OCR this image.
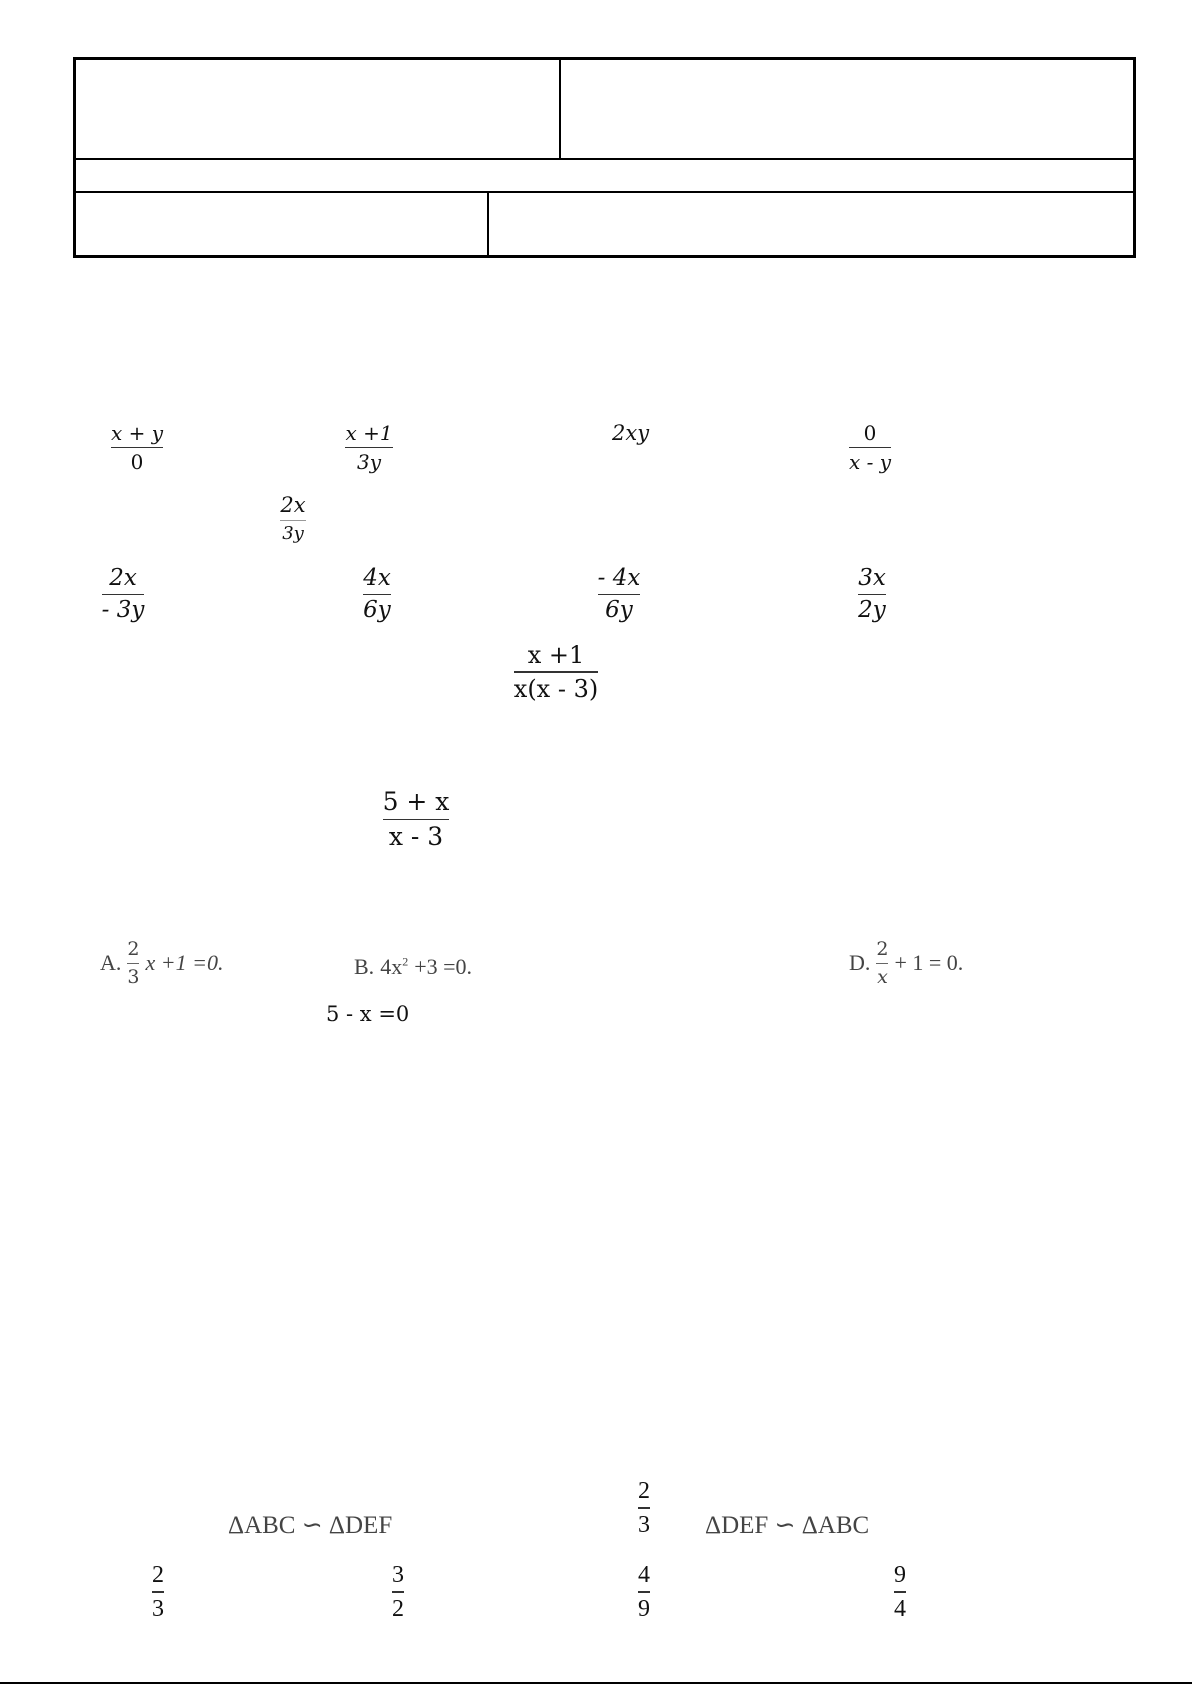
x + y
0
x +1
3y
2xy	0
x - y
2x
3y
2x
- 3y
4x
6y
- 4x
6y
3x
2y
x +1
x(x - 3)
5 + x
x - 3
A. $\frac{2}{3}$ x +1 =0.	B. $4x^2 +3 =0$.
5 - x =0
D. $\frac{2}{x} + 1 = 0$.
ΔABC ∽ ΔDEF
2
3 ΔDEF ∽ ΔABC
2
3
3
2
4
9
9
4
